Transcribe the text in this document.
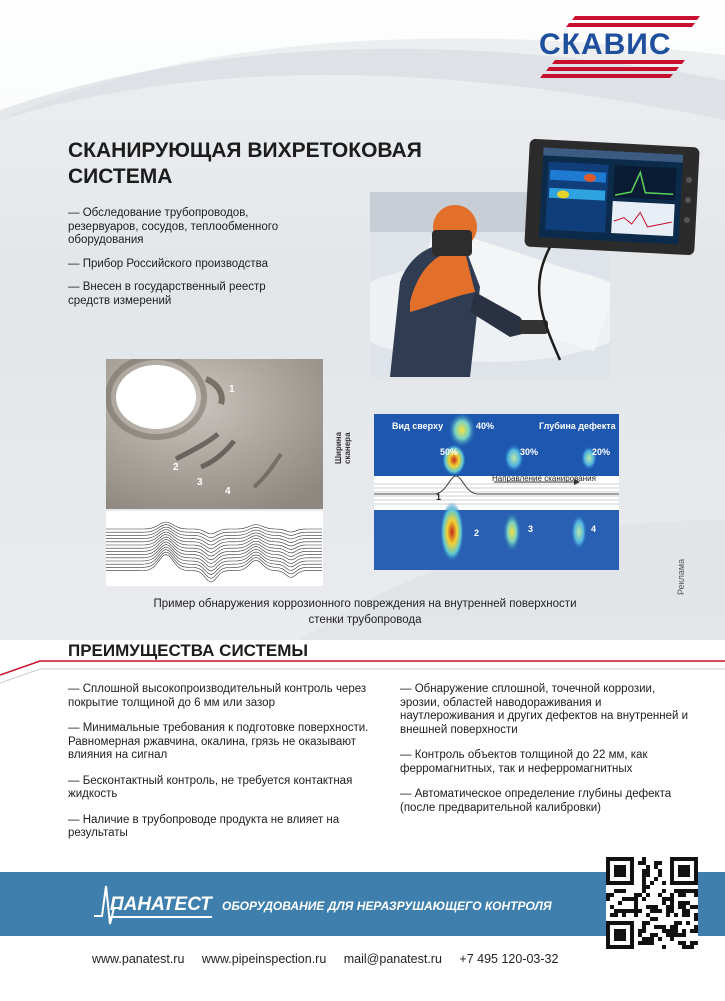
СКАВИС
СКАНИРУЮЩАЯ ВИХРЕТОКОВАЯ
СИСТЕМА
— Обследование трубопроводов, резервуаров, сосудов, теплообменного оборудования
— Прибор Российского производства
— Внесен в государственный реестр средств измерений
1
2
3
4
Ширина сканера
Вид сверху	Глубина дефекта
40%
50%	30%	20%
Направление сканирования
1
2	3	4
Реклама
Пример обнаружения коррозионного повреждения на внутренней поверхности
стенки трубопровода
ПРЕИМУЩЕСТВА СИСТЕМЫ
— Сплошной высокопроизводительный контроль через покрытие толщиной до 6 мм или зазор
— Минимальные требования к подготовке поверхности. Равномерная ржавчина, окалина, грязь не оказывают влияния на сигнал
— Бесконтактный контроль, не требуется контактная жидкость
— Наличие в трубопроводе продукта не влияет на результаты
— Обнаружение сплошной, точечной коррозии, эрозии, областей наводораживания и наутлероживания и других дефектов на внутренней и внешней поверхности
— Контроль объектов толщиной до 22 мм, как ферромагнитных, так и неферромагнитных
— Автоматическое определение глубины дефекта (после предварительной калибровки)
ПАНАТЕСТ ОБОРУДОВАНИЕ ДЛЯ НЕРАЗРУШАЮЩЕГО КОНТРОЛЯ
www.panatest.ru www.pipeinspection.ru mail@panatest.ru +7 495 120-03-32
